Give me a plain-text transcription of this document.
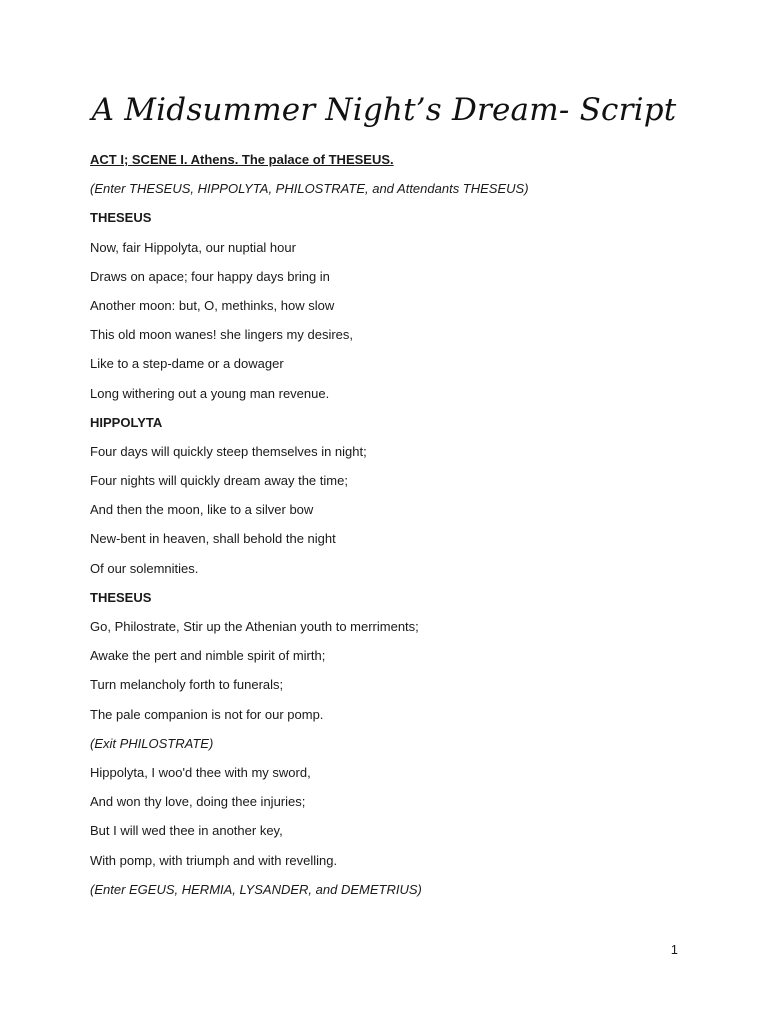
A Midsummer Night’s Dream- Script
ACT I; SCENE I. Athens. The palace of THESEUS.
(Enter THESEUS, HIPPOLYTA, PHILOSTRATE, and Attendants THESEUS)
THESEUS
Now, fair Hippolyta, our nuptial hour
Draws on apace; four happy days bring in
Another moon: but, O, methinks, how slow
This old moon wanes! she lingers my desires,
Like to a step-dame or a dowager
Long withering out a young man revenue.
HIPPOLYTA
Four days will quickly steep themselves in night;
Four nights will quickly dream away the time;
And then the moon, like to a silver bow
New-bent in heaven, shall behold the night
Of our solemnities.
THESEUS
Go, Philostrate, Stir up the Athenian youth to merriments;
Awake the pert and nimble spirit of mirth;
Turn melancholy forth to funerals;
The pale companion is not for our pomp.
(Exit PHILOSTRATE)
Hippolyta, I woo'd thee with my sword,
And won thy love, doing thee injuries;
But I will wed thee in another key,
With pomp, with triumph and with revelling.
(Enter EGEUS, HERMIA, LYSANDER, and DEMETRIUS)
1
